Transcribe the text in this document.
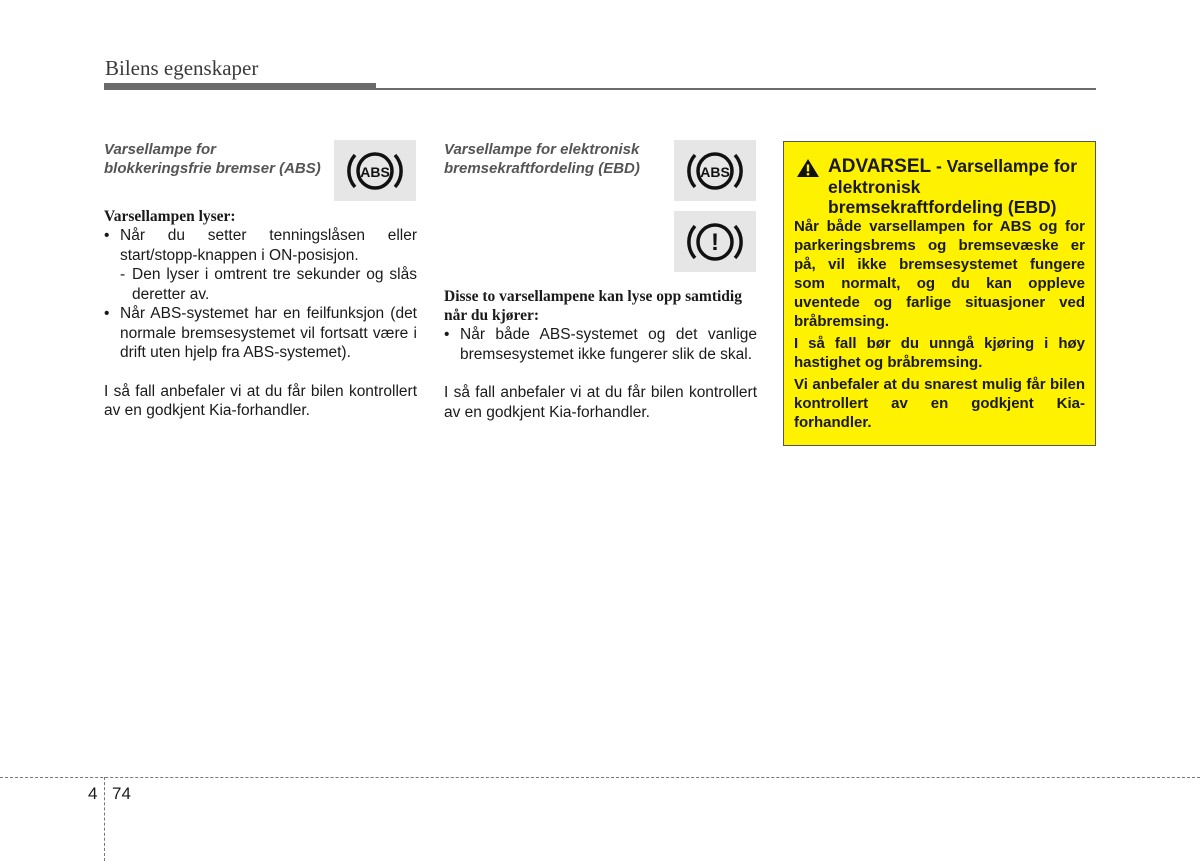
Bilens egenskaper
ABS
Varsellampe for blokkeringsfrie bremser (ABS)
Varsellampen lyser:
• Når du setter tenningslåsen eller start/stopp-knappen i ON-posisjon.
- Den lyser i omtrent tre sekunder og slås deretter av.
• Når ABS-systemet har en feilfunksjon (det normale bremsesystemet vil fortsatt være i drift uten hjelp fra ABS-systemet).
I så fall anbefaler vi at du får bilen kontrollert av en godkjent Kia-forhandler.
ABS
!
Varsellampe for elektronisk bremsekraftfordeling (EBD)
Disse to varsellampene kan lyse opp samtidig når du kjører:
• Når både ABS-systemet og det vanlige bremsesystemet ikke fungerer slik de skal.
I så fall anbefaler vi at du får bilen kontrollert av en godkjent Kia-forhandler.
ADVARSEL - Varsellampe for elektronisk bremsekraftfordeling (EBD)
Når både varsellampen for ABS og for parkeringsbrems og bremsevæske er på, vil ikke bremsesystemet fungere som normalt, og du kan oppleve uventede og farlige situasjoner ved bråbremsing.
I så fall bør du unngå kjøring i høy hastighet og bråbremsing.
Vi anbefaler at du snarest mulig får bilen kontrollert av en godkjent Kia-forhandler.
4 74
